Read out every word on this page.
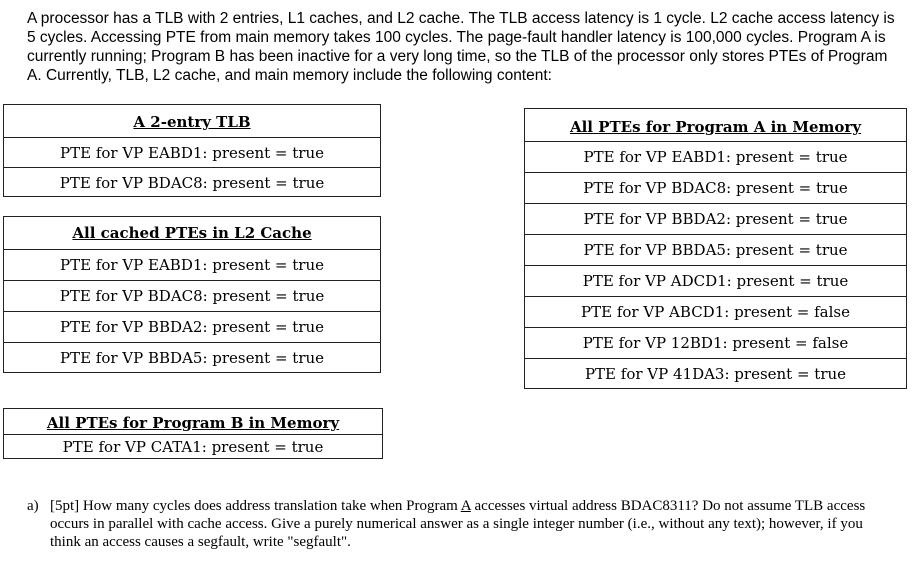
A processor has a TLB with 2 entries, L1 caches, and L2 cache. The TLB access latency is 1 cycle. L2 cache access latency is 5 cycles. Accessing PTE from main memory takes 100 cycles. The page-fault handler latency is 100,000 cycles. Program A is currently running; Program B has been inactive for a very long time, so the TLB of the processor only stores PTEs of Program A. Currently, TLB, L2 cache, and main memory include the following content:

A 2-entry TLB
PTE for VP EABD1: present = true
PTE for VP BDAC8: present = true
All cached PTEs in L2 Cache
PTE for VP EABD1: present = true
PTE for VP BDAC8: present = true
PTE for VP BBDA2: present = true
PTE for VP BBDA5: present = true
All PTEs for Program B in Memory
PTE for VP CATA1: present = true
All PTEs for Program A in Memory
PTE for VP EABD1: present = true
PTE for VP BDAC8: present = true
PTE for VP BBDA2: present = true
PTE for VP BBDA5: present = true
PTE for VP ADCD1: present = true
PTE for VP ABCD1: present = false
PTE for VP 12BD1: present = false
PTE for VP 41DA3: present = true
a) [5pt] How many cycles does address translation take when Program A accesses virtual address BDAC8311? Do not assume TLB access occurs in parallel with cache access. Give a purely numerical answer as a single integer number (i.e., without any text); however, if you think an access causes a segfault, write "segfault".
